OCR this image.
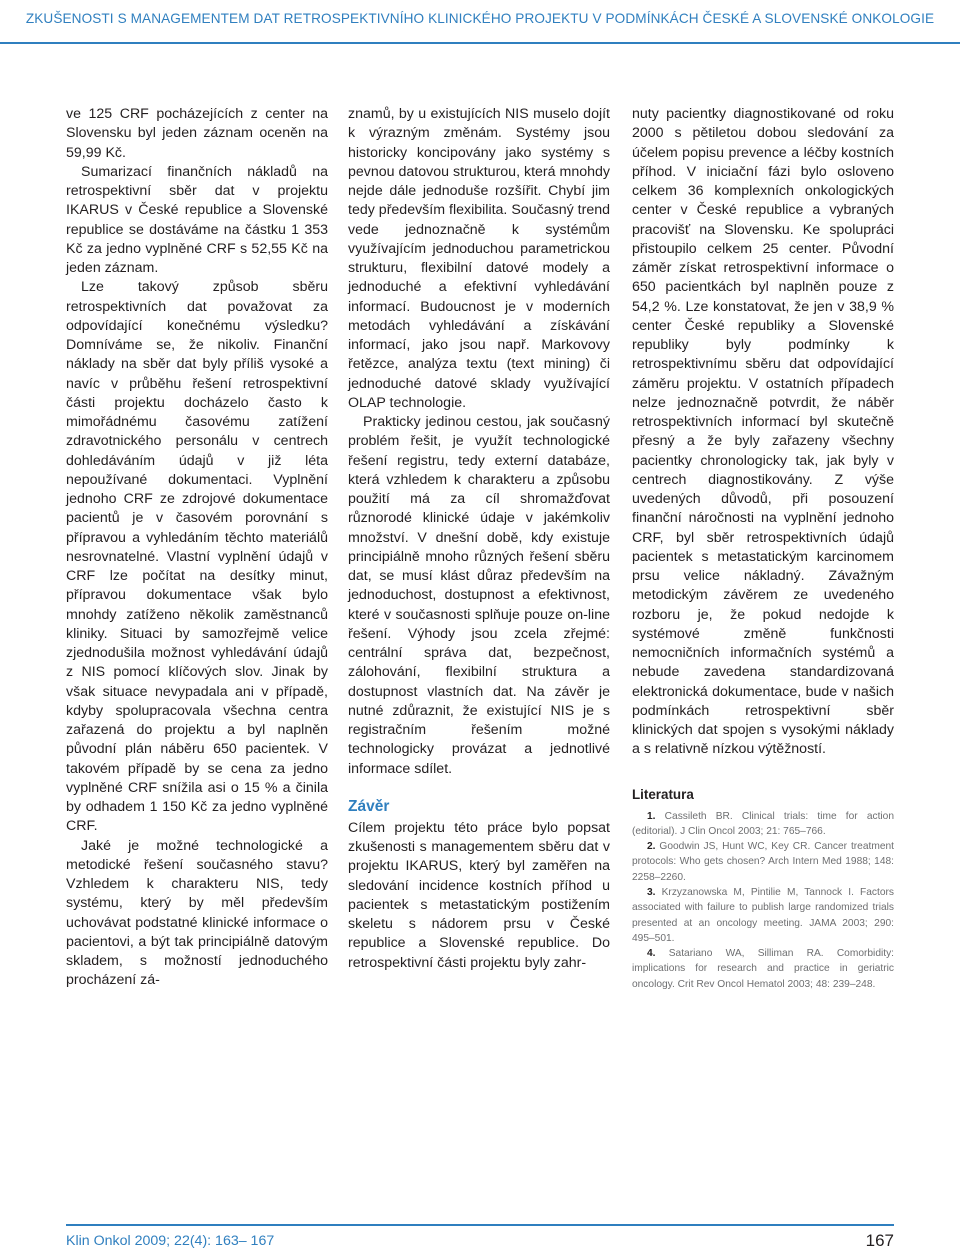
ZKUŠENOSTI S MANAGEMENTEM DAT RETROSPEKTIVNÍHO KLINICKÉHO PROJEKTU V PODMÍNKÁCH ČESKÉ A SLOVENSKÉ ONKOLOGIE

ve 125 CRF pocházejících z center na Slovensku byl jeden záznam oceněn na 59,99 Kč.

Sumarizací finančních nákladů na retrospektivní sběr dat v projektu IKARUS v České republice a Slovenské republice se dostáváme na částku 1 353 Kč za jedno vyplněné CRF s 52,55 Kč na jeden záznam.

Lze takový způsob sběru retrospektivních dat považovat za odpovídající konečnému výsledku? Domníváme se, že nikoliv. Finanční náklady na sběr dat byly příliš vysoké a navíc v průběhu řešení retrospektivní části projektu docházelo často k mimořádnému časovému zatížení zdravotnického personálu v centrech dohledáváním údajů v již léta nepoužívané dokumentaci. Vyplnění jednoho CRF ze zdrojové dokumentace pacientů je v časovém porovnání s přípravou a vyhledáním těchto materiálů nesrovnatelné. Vlastní vyplnění údajů v CRF lze počítat na desítky minut, přípravou dokumentace však bylo mnohdy zatíženo několik zaměstnanců kliniky. Situaci by samozřejmě velice zjednodušila možnost vyhledávání údajů z NIS pomocí klíčových slov. Jinak by však situace nevypadala ani v případě, kdyby spolupracovala všechna centra zařazená do projektu a byl naplněn původní plán náběru 650 pacientek. V takovém případě by se cena za jedno vyplněné CRF snížila asi o 15 % a činila by odhadem 1 150 Kč za jedno vyplněné CRF.

Jaké je možné technologické a metodické řešení současného stavu? Vzhledem k charakteru NIS, tedy systému, který by měl především uchovávat podstatné klinické informace o pacientovi, a být tak principiálně datovým skladem, s možností jednoduchého procházení zá-

znamů, by u existujících NIS muselo dojít k výrazným změnám. Systémy jsou historicky koncipovány jako systémy s pevnou datovou strukturou, která mnohdy nejde dále jednoduše rozšířit. Chybí jim tedy především flexibilita. Současný trend vede jednoznačně k systémům využívajícím jednoduchou parametrickou strukturu, flexibilní datové modely a jednoduché a efektivní vyhledávání informací. Budoucnost je v moderních metodách vyhledávání a získávání informací, jako jsou např. Markovovy řetězce, analýza textu (text mining) či jednoduché datové sklady využívající OLAP technologie.

Prakticky jedinou cestou, jak současný problém řešit, je využít technologické řešení registru, tedy externí databáze, která vzhledem k charakteru a způsobu použití má za cíl shromažďovat různorodé klinické údaje v jakémkoliv množství. V dnešní době, kdy existuje principiálně mnoho různých řešení sběru dat, se musí klást důraz především na jednoduchost, dostupnost a efektivnost, které v současnosti splňuje pouze on-line řešení. Výhody jsou zcela zřejmé: centrální správa dat, bezpečnost, zálohování, flexibilní struktura a dostupnost vlastních dat. Na závěr je nutné zdůraznit, že existující NIS je s registračním řešením možné technologicky provázat a jednotlivé informace sdílet.

Závěr

Cílem projektu této práce bylo popsat zkušenosti s managementem sběru dat v projektu IKARUS, který byl zaměřen na sledování incidence kostních příhod u pacientek s metastatickým postižením skeletu s nádorem prsu v České republice a Slovenské republice. Do retrospektivní části projektu byly zahr-

nuty pacientky diagnostikované od roku 2000 s pětiletou dobou sledování za účelem popisu prevence a léčby kostních příhod. V iniciační fázi bylo osloveno celkem 36 komplexních onkologických center v České republice a vybraných pracovišť na Slovensku. Ke spolupráci přistoupilo celkem 25 center. Původní záměr získat retrospektivní informace o 650 pacientkách byl naplněn pouze z 54,2 %. Lze konstatovat, že jen v 38,9 % center České republiky a Slovenské republiky byly podmínky k retrospektivnímu sběru dat odpovídající záměru projektu. V ostatních případech nelze jednoznačně potvrdit, že náběr retrospektivních informací byl skutečně přesný a že byly zařazeny všechny pacientky chronologicky tak, jak byly v centrech diagnostikovány. Z výše uvedených důvodů, při posouzení finanční náročnosti na vyplnění jednoho CRF, byl sběr retrospektivních údajů pacientek s metastatickým karcinomem prsu velice nákladný. Závažným metodickým závěrem ze uvedeného rozboru je, že pokud nedojde k systémové změně funkčnosti nemocničních informačních systémů a nebude zavedena standardizovaná elektronická dokumentace, bude v našich podmínkách retrospektivní sběr klinických dat spojen s vysokými náklady a s relativně nízkou výtěžností.

Literatura

1. Cassileth BR. Clinical trials: time for action (editorial). J Clin Oncol 2003; 21: 765–766.

2. Goodwin JS, Hunt WC, Key CR. Cancer treatment protocols: Who gets chosen? Arch Intern Med 1988; 148: 2258–2260.

3. Krzyzanowska M, Pintilie M, Tannock I. Factors associated with failure to publish large randomized trials presented at an oncology meeting. JAMA 2003; 290: 495–501.

4. Satariano WA, Silliman RA. Comorbidity: implications for research and practice in geriatric oncology. Crit Rev Oncol Hematol 2003; 48: 239–248.

Klin Onkol 2009; 22(4): 163– 167	167
